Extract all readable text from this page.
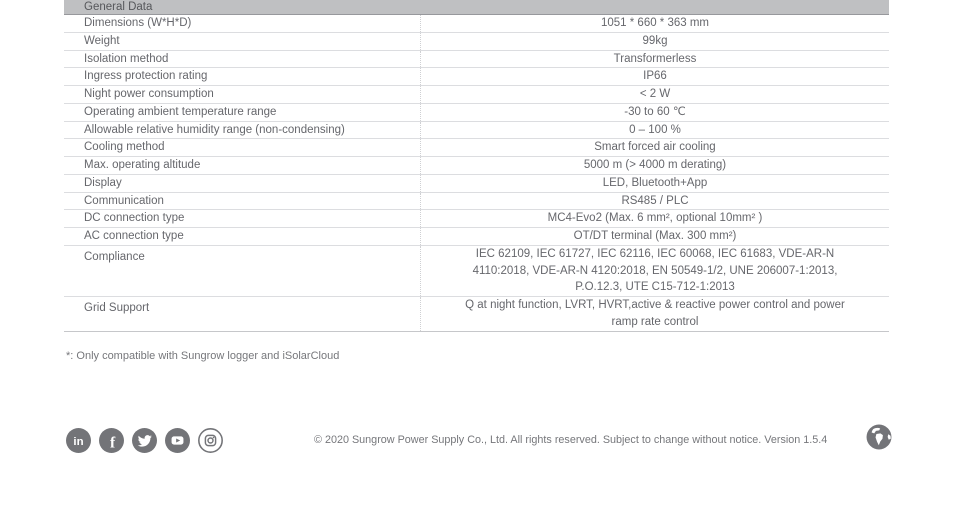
General Data
Dimensions (W*H*D)	1051 * 660 * 363 mm
Weight	99kg
Isolation method	Transformerless
Ingress protection rating	IP66
Night power consumption	< 2 W
Operating ambient temperature range	-30 to 60 ℃
Allowable relative humidity range (non-condensing)	0 – 100 %
Cooling method	Smart forced air cooling
Max. operating altitude	5000 m (> 4000 m derating)
Display	LED, Bluetooth+App
Communication	RS485 / PLC
DC connection type	MC4-Evo2 (Max. 6 mm², optional 10mm² )
AC connection type	OT/DT terminal (Max. 300 mm²)
Compliance	IEC 62109, IEC 61727, IEC 62116, IEC 60068, IEC 61683, VDE-AR-N 4110:2018, VDE-AR-N 4120:2018, EN 50549-1/2, UNE 206007-1:2013, P.O.12.3, UTE C15-712-1:2013
Grid Support	Q at night function, LVRT, HVRT,active & reactive power control and power ramp rate control
*: Only compatible with Sungrow logger and iSolarCloud
in f	© 2020 Sungrow Power Supply Co., Ltd. All rights reserved. Subject to change without notice. Version 1.5.4
